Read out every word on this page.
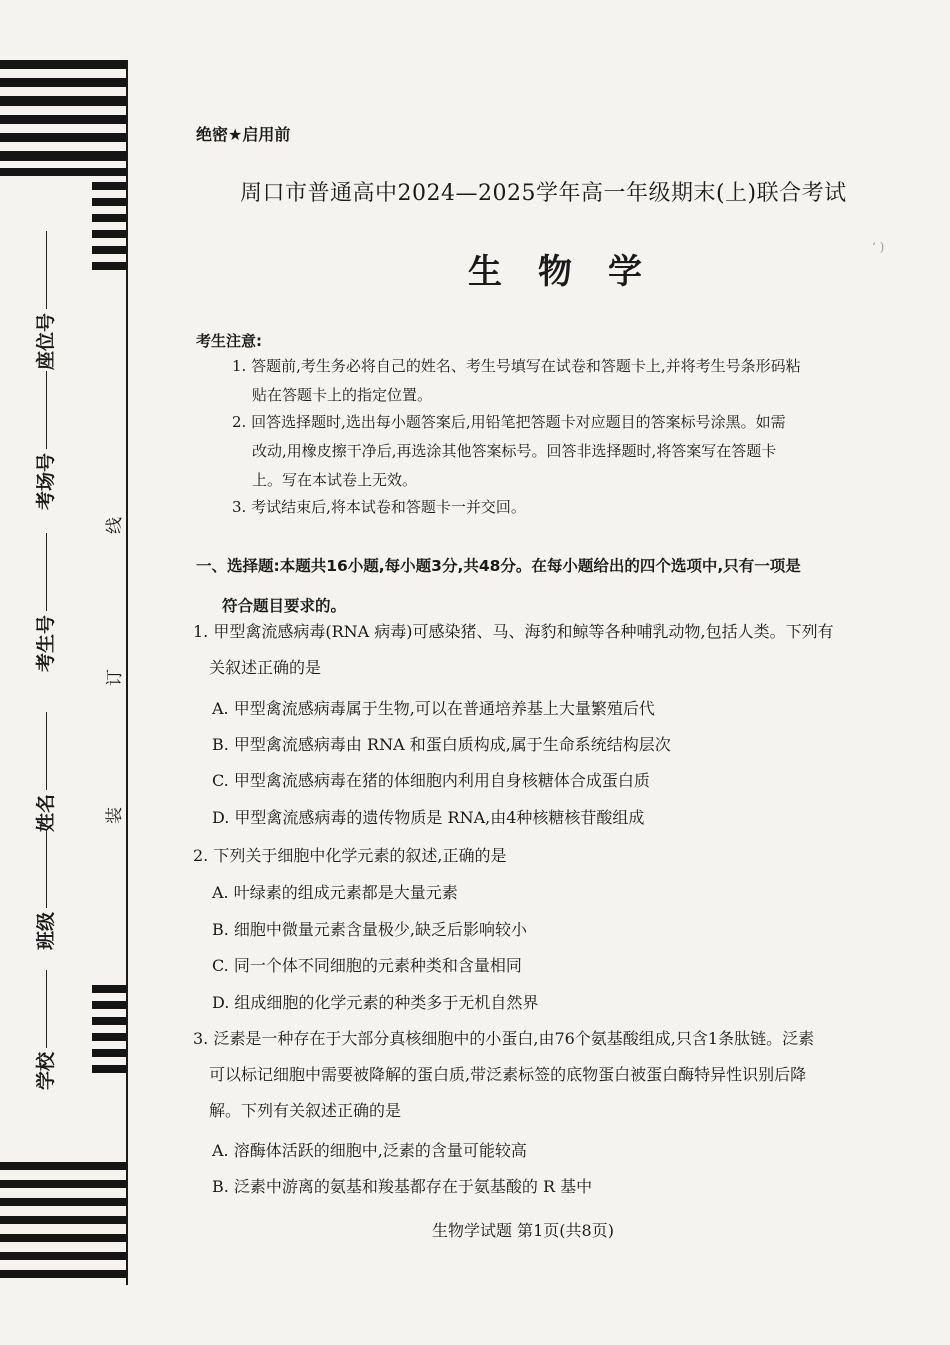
座位号
考场号
考生号
姓名
班级
学校
线
订
装
绝密★启用前
周口市普通高中2024—2025学年高一年级期末(上)联合考试
生物学
‘ )
考生注意:
1. 答题前,考生务必将自己的姓名、考生号填写在试卷和答题卡上,并将考生号条形码粘
贴在答题卡上的指定位置。
2. 回答选择题时,选出每小题答案后,用铅笔把答题卡对应题目的答案标号涂黑。如需
改动,用橡皮擦干净后,再选涂其他答案标号。回答非选择题时,将答案写在答题卡
上。写在本试卷上无效。
3. 考试结束后,将本试卷和答题卡一并交回。
一、选择题:本题共16小题,每小题3分,共48分。在每小题给出的四个选项中,只有一项是
符合题目要求的。
1. 甲型禽流感病毒(RNA 病毒)可感染猪、马、海豹和鲸等各种哺乳动物,包括人类。下列有
关叙述正确的是
A. 甲型禽流感病毒属于生物,可以在普通培养基上大量繁殖后代
B. 甲型禽流感病毒由 RNA 和蛋白质构成,属于生命系统结构层次
C. 甲型禽流感病毒在猪的体细胞内利用自身核糖体合成蛋白质
D. 甲型禽流感病毒的遗传物质是 RNA,由4种核糖核苷酸组成
2. 下列关于细胞中化学元素的叙述,正确的是
A. 叶绿素的组成元素都是大量元素
B. 细胞中微量元素含量极少,缺乏后影响较小
C. 同一个体不同细胞的元素种类和含量相同
D. 组成细胞的化学元素的种类多于无机自然界
3. 泛素是一种存在于大部分真核细胞中的小蛋白,由76个氨基酸组成,只含1条肽链。泛素
可以标记细胞中需要被降解的蛋白质,带泛素标签的底物蛋白被蛋白酶特异性识别后降
解。下列有关叙述正确的是
A. 溶酶体活跃的细胞中,泛素的含量可能较高
B. 泛素中游离的氨基和羧基都存在于氨基酸的 R 基中
生物学试题 第1页(共8页)
